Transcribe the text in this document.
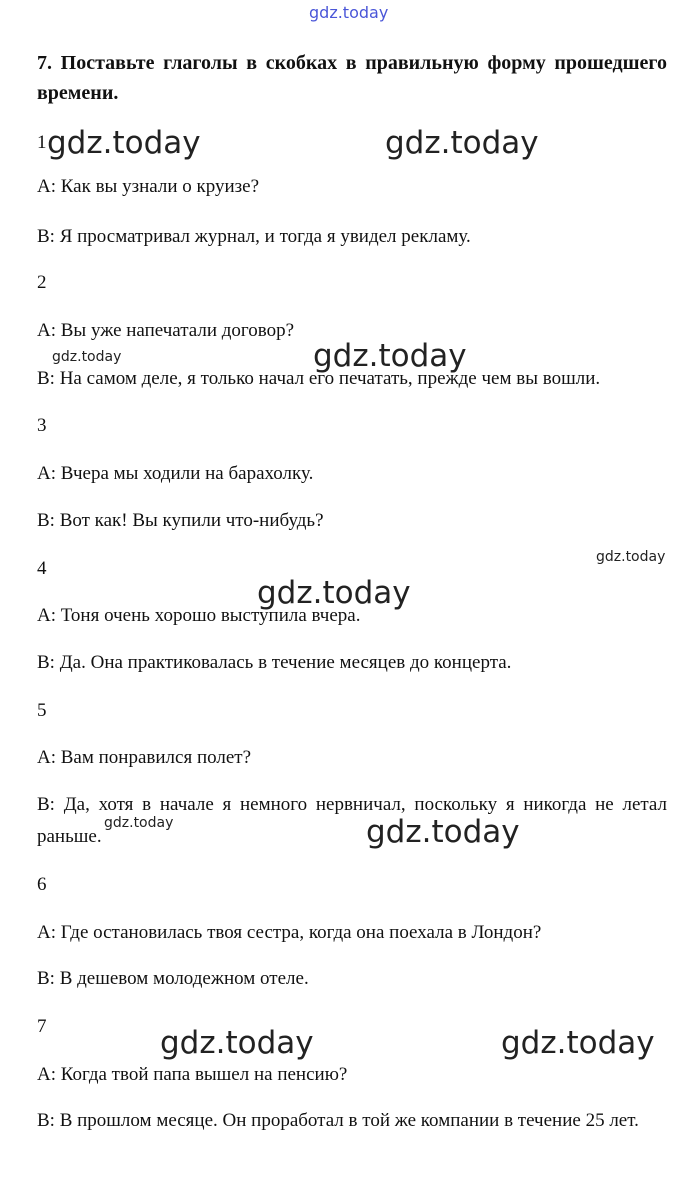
gdz.today
gdz.today	gdz.today
gdz.today	gdz.today
gdz.today
gdz.today
gdz.today	gdz.today
gdz.today	gdz.today

7. Поставьте глаголы в скобках в правильную форму прошедшего времени.

1
A: Как вы узнали о круизе?
B: Я просматривал журнал, и тогда я увидел рекламу.
2
A: Вы уже напечатали договор?
B: На самом деле, я только начал его печатать, прежде чем вы вошли.
3
A: Вчера мы ходили на барахолку.
B: Вот как! Вы купили что-нибудь?
4
A: Тоня очень хорошо выступила вчера.
B: Да. Она практиковалась в течение месяцев до концерта.
5
A: Вам понравился полет?
B: Да, хотя в начале я немного нервничал, поскольку я никогда не летал раньше.
6
A: Где остановилась твоя сестра, когда она поехала в Лондон?
B: В дешевом молодежном отеле.
7
A: Когда твой папа вышел на пенсию?
B: В прошлом месяце. Он проработал в той же компании в течение 25 лет.
